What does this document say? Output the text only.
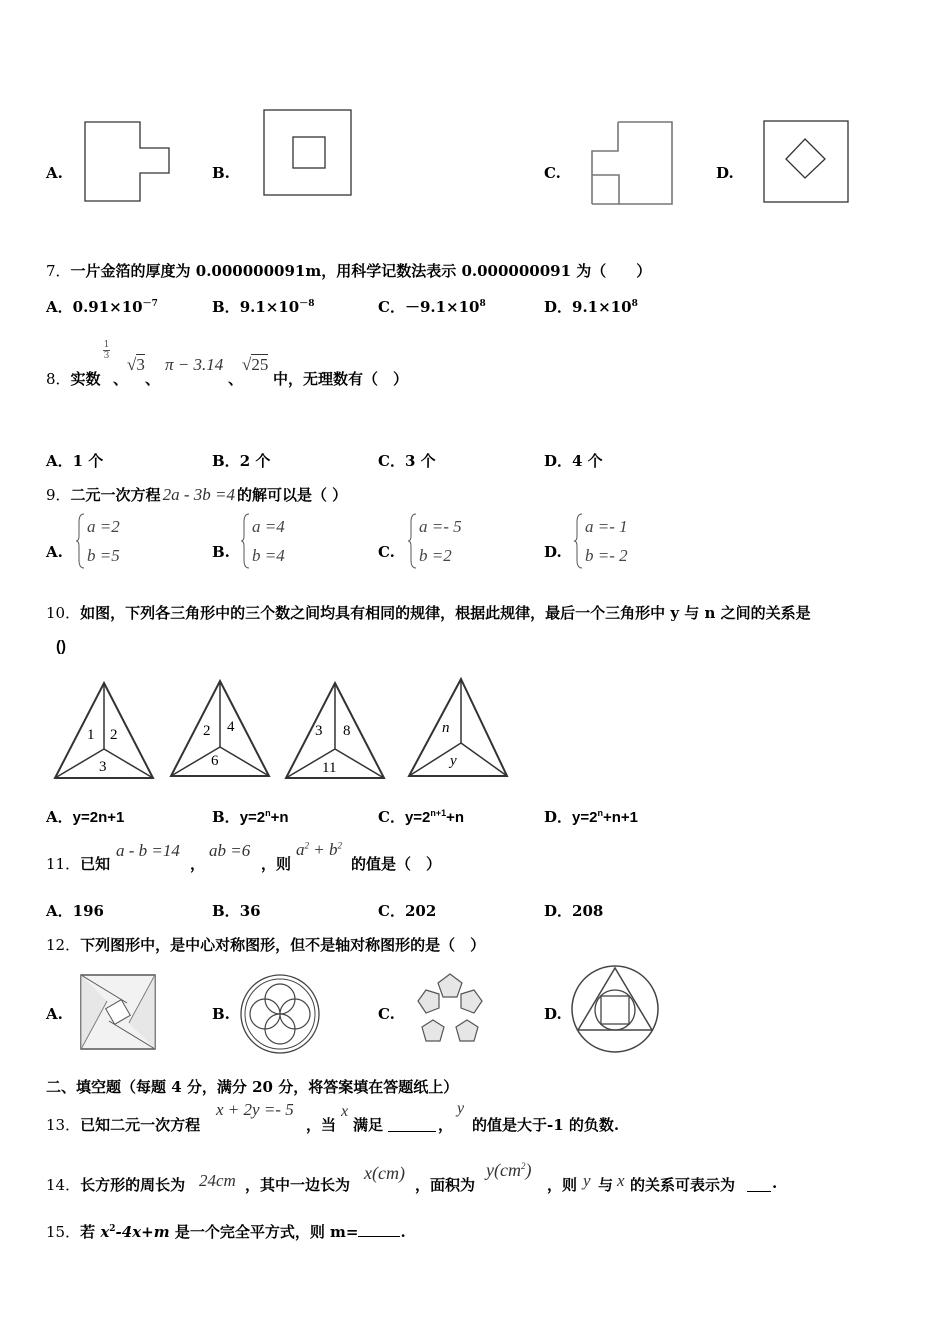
A.	B.	C.	D.
7．一片金箔的厚度为 0.000000091m，用科学记数法表示 0.000000091 为（　　）
A．$0.91\times 10^{-7}$	B．$9.1\times 10^{-8}$	C．$-9.1\times 10^8$	D．$9.1\times 10^8$
8．实数
1
3
、
√3
、
π − 3.14
、
√25
中，无理数有（　）
A．1 个	B．2 个	C．3 个	D．4 个
9．二元一次方程 2a - 3b =4 的解可以是（ ）
A.
a =2
b =5	B.
a =4
b =4	C.
a =- 5
b =2	D.
a =- 1
b =- 2
10．如图，下列各三角形中的三个数之间均具有相同的规律，根据此规律，最后一个三角形中 y 与 n 之间的关系是
()
1 2
3
2 4
6
3 8
11
n
y
A．y=2n+1	B．$y=2^n+n$	C．$y=2^{n+1}+n$	D．$y=2^n+n+1$
11．已知
a - b =14
，
ab =6
，则
$a^2 + b^2$
的值是（　）
A．196	B．36	C．202	D．208
12．下列图形中，是中心对称图形，但不是轴对称图形的是（　）
A.	B.	C.	D.
二、填空题（每题 4 分，满分 20 分，将答案填在答题纸上）
13．已知二元一次方程
x + 2y =- 5
，当
x
满足	，
y
的值是大于-1 的负数.
14．长方形的周长为 24cm ，其中一边长为
x(cm)
，面积为
$y(cm^2)$
，则 y 与 x 的关系可表示为 .
15．若 $x^2-4x+m$ 是一个完全平方式，则 m=	.
